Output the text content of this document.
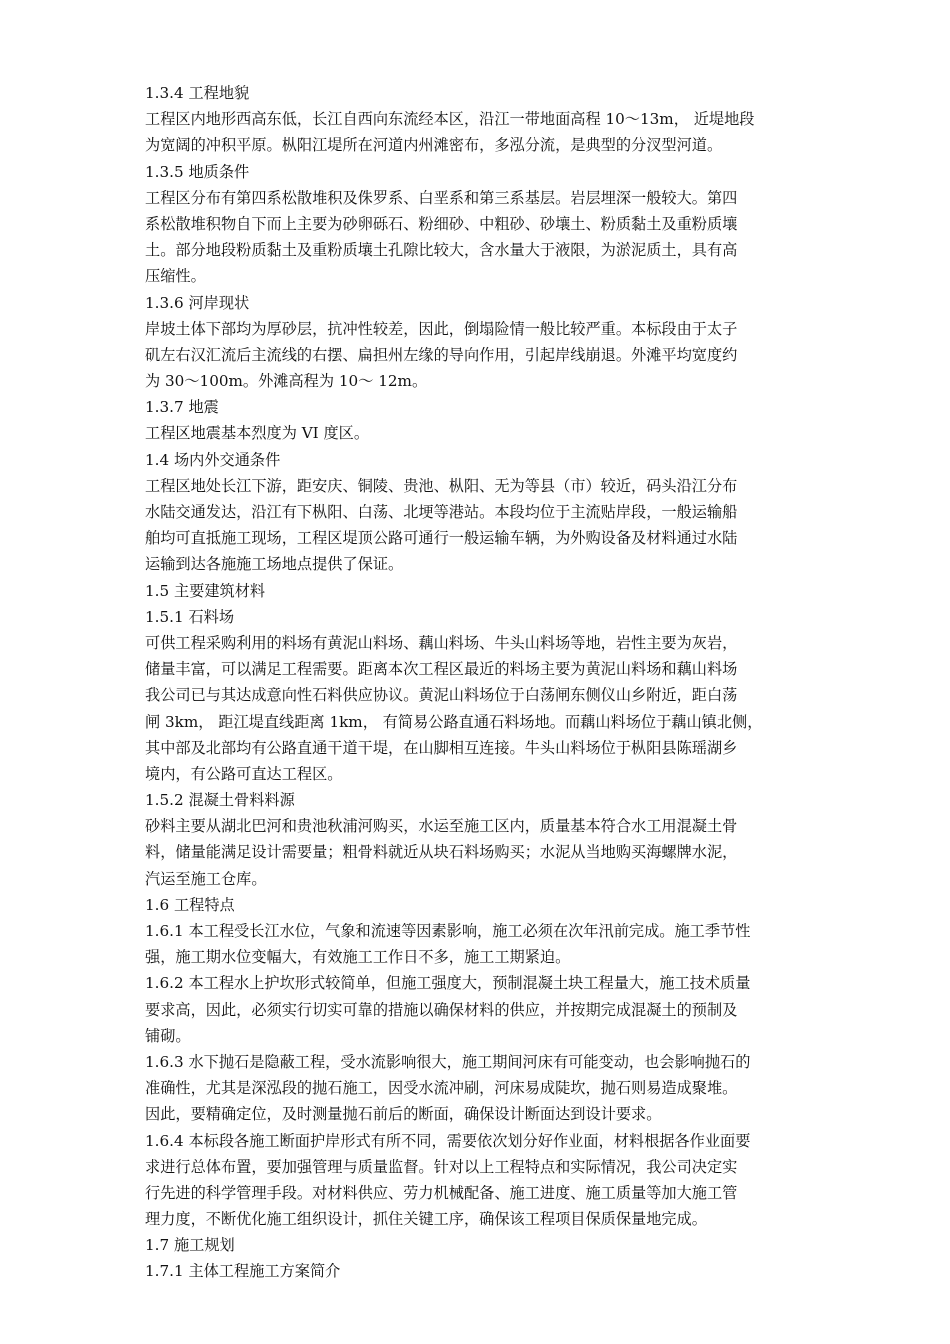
1.3.4 工程地貌
工程区内地形西高东低，长江自西向东流经本区，沿江一带地面高程 10～13m， 近堤地段
为宽阔的冲积平原。枞阳江堤所在河道内州滩密布，多泓分流，是典型的分汊型河道。
1.3.5 地质条件
工程区分布有第四系松散堆积及侏罗系、白垩系和第三系基层。岩层埋深一般较大。第四
系松散堆积物自下而上主要为砂卵砾石、粉细砂、中粗砂、砂壤土、粉质黏土及重粉质壤
土。部分地段粉质黏土及重粉质壤土孔隙比较大，含水量大于液限，为淤泥质土，具有高
压缩性。
1.3.6 河岸现状
岸坡土体下部均为厚砂层，抗冲性较差，因此，倒塌险情一般比较严重。本标段由于太子
矶左右汉汇流后主流线的右摆、扁担州左缘的导向作用，引起岸线崩退。外滩平均宽度约
为 30～100m。外滩高程为 10～ 12m。
1.3.7 地震
工程区地震基本烈度为 VI 度区。
1.4 场内外交通条件
工程区地处长江下游，距安庆、铜陵、贵池、枞阳、无为等县（市）较近，码头沿江分布
水陆交通发达，沿江有下枞阳、白荡、北埂等港站。本段均位于主流贴岸段，一般运输船
舶均可直抵施工现场，工程区堤顶公路可通行一般运输车辆，为外购设备及材料通过水陆
运输到达各施施工场地点提供了保证。
1.5 主要建筑材料
1.5.1 石料场
可供工程采购利用的料场有黄泥山料场、藕山料场、牛头山料场等地，岩性主要为灰岩，
储量丰富，可以满足工程需要。距离本次工程区最近的料场主要为黄泥山料场和藕山料场
我公司已与其达成意向性石料供应协议。黄泥山料场位于白荡闸东侧仪山乡附近，距白荡
闸 3km， 距江堤直线距离 1km， 有简易公路直通石料场地。而藕山料场位于藕山镇北侧，
其中部及北部均有公路直通干道干堤，在山脚相互连接。牛头山料场位于枞阳县陈瑶湖乡
境内，有公路可直达工程区。
1.5.2 混凝土骨料料源
砂料主要从湖北巴河和贵池秋浦河购买，水运至施工区内，质量基本符合水工用混凝土骨
料，储量能满足设计需要量；粗骨料就近从块石料场购买；水泥从当地购买海螺牌水泥，
汽运至施工仓库。
1.6 工程特点
1.6.1 本工程受长江水位，气象和流速等因素影响，施工必须在次年汛前完成。施工季节性
强，施工期水位变幅大，有效施工工作日不多，施工工期紧迫。
1.6.2 本工程水上护坎形式较简单，但施工强度大，预制混凝土块工程量大，施工技术质量
要求高，因此，必须实行切实可靠的措施以确保材料的供应，并按期完成混凝土的预制及
铺砌。
1.6.3 水下抛石是隐蔽工程，受水流影响很大，施工期间河床有可能变动，也会影响抛石的
准确性，尤其是深泓段的抛石施工，因受水流冲刷，河床易成陡坎，抛石则易造成聚堆。
因此，要精确定位，及时测量抛石前后的断面，确保设计断面达到设计要求。
1.6.4 本标段各施工断面护岸形式有所不同，需要依次划分好作业面，材料根据各作业面要
求进行总体布置，要加强管理与质量监督。针对以上工程特点和实际情况，我公司决定实
行先进的科学管理手段。对材料供应、劳力机械配备、施工进度、施工质量等加大施工管
理力度，不断优化施工组织设计，抓住关键工序，确保该工程项目保质保量地完成。
1.7 施工规划
1.7.1 主体工程施工方案简介
